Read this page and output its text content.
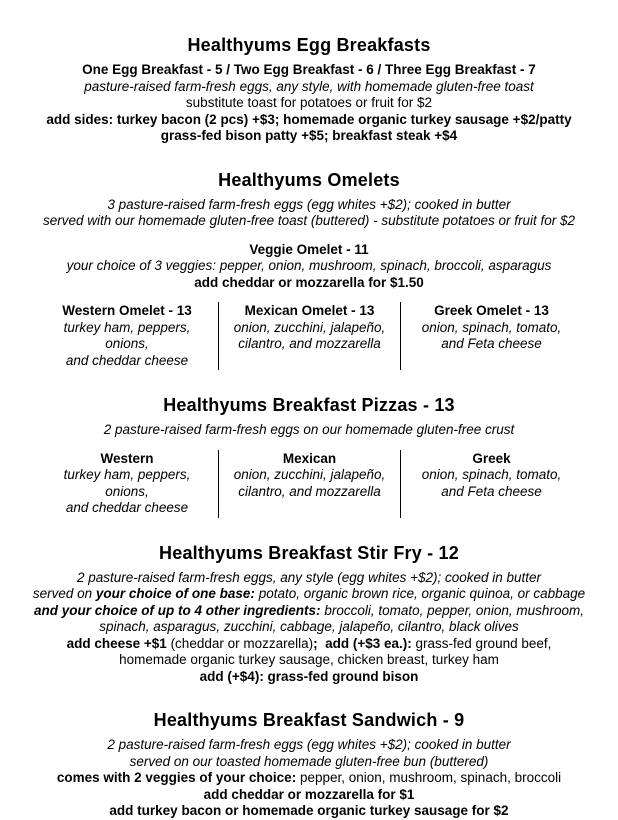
Healthyums Egg Breakfasts
One Egg Breakfast - 5 / Two Egg Breakfast - 6 / Three Egg Breakfast - 7
pasture-raised farm-fresh eggs, any style, with homemade gluten-free toast
substitute toast for potatoes or fruit for $2
add sides: turkey bacon (2 pcs) +$3; homemade organic turkey sausage +$2/patty
grass-fed bison patty +$5; breakfast steak +$4
Healthyums Omelets
3 pasture-raised farm-fresh eggs (egg whites +$2); cooked in butter
served with our homemade gluten-free toast (buttered) - substitute potatoes or fruit for $2
Veggie Omelet - 11
your choice of 3 veggies: pepper, onion, mushroom, spinach, broccoli, asparagus
add cheddar or mozzarella for $1.50
Western Omelet - 13
turkey ham, peppers, onions,
and cheddar cheese
Mexican Omelet - 13
onion, zucchini, jalapeño,
cilantro, and mozzarella
Greek Omelet - 13
onion, spinach, tomato,
and Feta cheese
Healthyums Breakfast Pizzas - 13
2 pasture-raised farm-fresh eggs on our homemade gluten-free crust
Western
turkey ham, peppers, onions,
and cheddar cheese
Mexican
onion, zucchini, jalapeño,
cilantro, and mozzarella
Greek
onion, spinach, tomato,
and Feta cheese
Healthyums Breakfast Stir Fry - 12
2 pasture-raised farm-fresh eggs, any style (egg whites +$2); cooked in butter
served on your choice of one base: potato, organic brown rice, organic quinoa, or cabbage
and your choice of up to 4 other ingredients: broccoli, tomato, pepper, onion, mushroom,
spinach, asparagus, zucchini, cabbage, jalapeño, cilantro, black olives
add cheese +$1 (cheddar or mozzarella);  add (+$3 ea.): grass-fed ground beef,
homemade organic turkey sausage, chicken breast, turkey ham
add (+$4): grass-fed ground bison
Healthyums Breakfast Sandwich - 9
2 pasture-raised farm-fresh eggs (egg whites +$2); cooked in butter
served on our toasted homemade gluten-free bun (buttered)
comes with 2 veggies of your choice: pepper, onion, mushroom, spinach, broccoli
add cheddar or mozzarella for $1
add turkey bacon or homemade organic turkey sausage for $2
